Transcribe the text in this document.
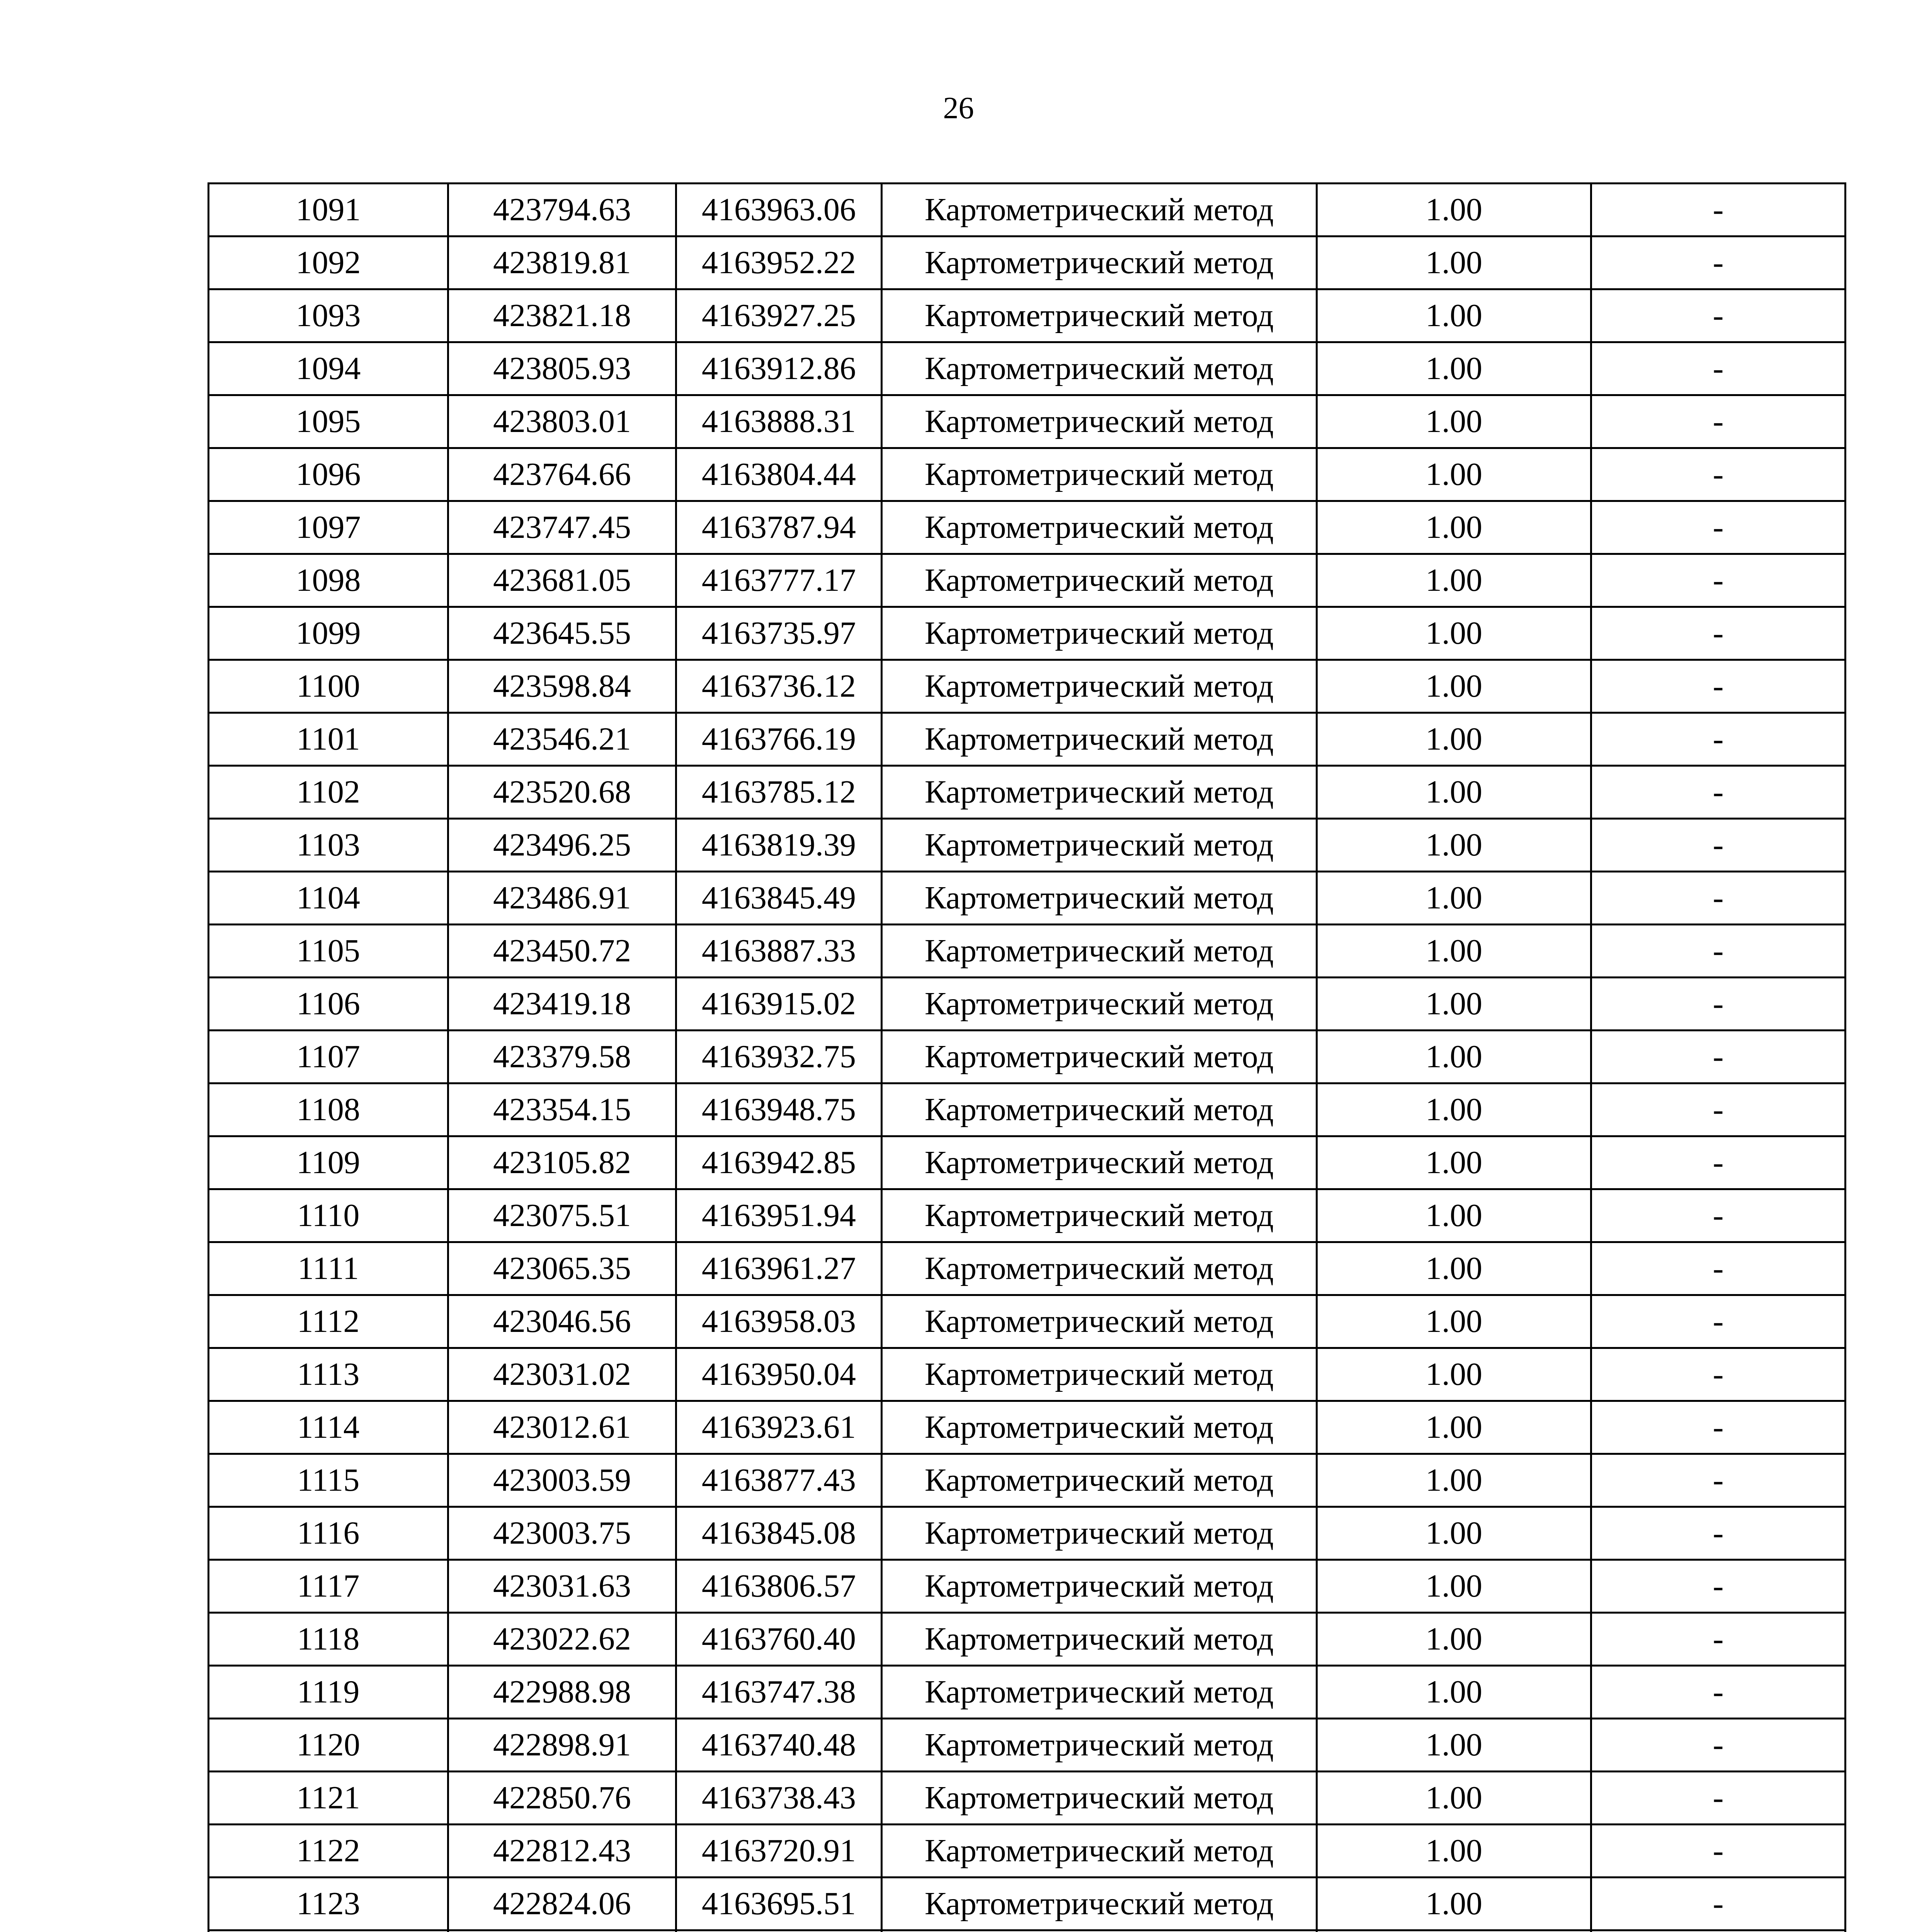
26
1091	423794.63	4163963.06	Картометрический метод	1.00	-
1092	423819.81	4163952.22	Картометрический метод	1.00	-
1093	423821.18	4163927.25	Картометрический метод	1.00	-
1094	423805.93	4163912.86	Картометрический метод	1.00	-
1095	423803.01	4163888.31	Картометрический метод	1.00	-
1096	423764.66	4163804.44	Картометрический метод	1.00	-
1097	423747.45	4163787.94	Картометрический метод	1.00	-
1098	423681.05	4163777.17	Картометрический метод	1.00	-
1099	423645.55	4163735.97	Картометрический метод	1.00	-
1100	423598.84	4163736.12	Картометрический метод	1.00	-
1101	423546.21	4163766.19	Картометрический метод	1.00	-
1102	423520.68	4163785.12	Картометрический метод	1.00	-
1103	423496.25	4163819.39	Картометрический метод	1.00	-
1104	423486.91	4163845.49	Картометрический метод	1.00	-
1105	423450.72	4163887.33	Картометрический метод	1.00	-
1106	423419.18	4163915.02	Картометрический метод	1.00	-
1107	423379.58	4163932.75	Картометрический метод	1.00	-
1108	423354.15	4163948.75	Картометрический метод	1.00	-
1109	423105.82	4163942.85	Картометрический метод	1.00	-
1110	423075.51	4163951.94	Картометрический метод	1.00	-
1111	423065.35	4163961.27	Картометрический метод	1.00	-
1112	423046.56	4163958.03	Картометрический метод	1.00	-
1113	423031.02	4163950.04	Картометрический метод	1.00	-
1114	423012.61	4163923.61	Картометрический метод	1.00	-
1115	423003.59	4163877.43	Картометрический метод	1.00	-
1116	423003.75	4163845.08	Картометрический метод	1.00	-
1117	423031.63	4163806.57	Картометрический метод	1.00	-
1118	423022.62	4163760.40	Картометрический метод	1.00	-
1119	422988.98	4163747.38	Картометрический метод	1.00	-
1120	422898.91	4163740.48	Картометрический метод	1.00	-
1121	422850.76	4163738.43	Картометрический метод	1.00	-
1122	422812.43	4163720.91	Картометрический метод	1.00	-
1123	422824.06	4163695.51	Картометрический метод	1.00	-
